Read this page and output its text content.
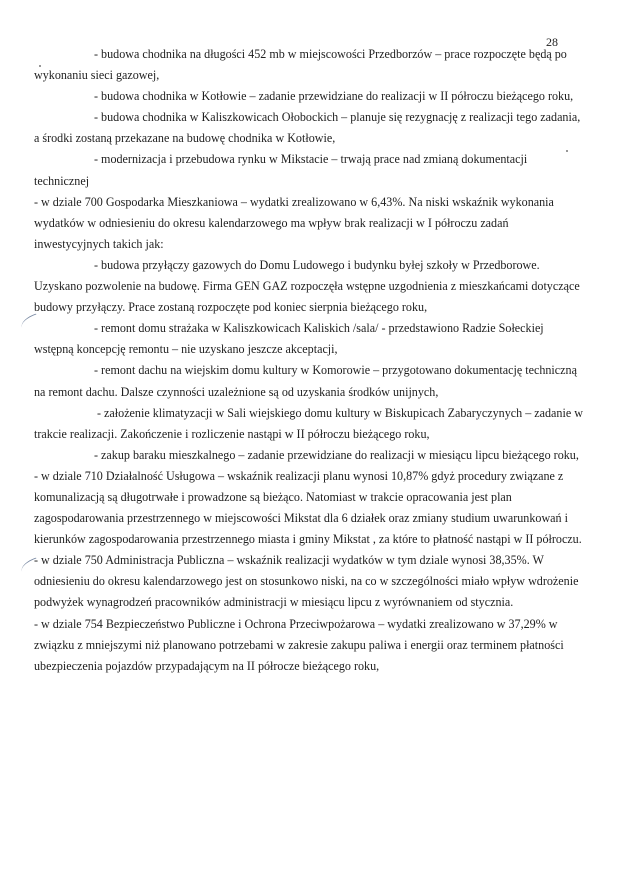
28

- budowa chodnika na długości 452 mb w miejscowości Przedborzów – prace rozpoczęte będą po wykonaniu sieci gazowej,

- budowa chodnika w Kotłowie – zadanie przewidziane do realizacji w II półroczu bieżącego roku,

- budowa chodnika w Kaliszkowicach Ołobockich – planuje się rezygnację z realizacji tego zadania, a środki zostaną przekazane na budowę chodnika w Kotłowie,

- modernizacja i przebudowa rynku w Mikstacie – trwają prace nad zmianą dokumentacji technicznej

- w dziale 700 Gospodarka Mieszkaniowa – wydatki zrealizowano w 6,43%. Na niski wskaźnik wykonania wydatków w odniesieniu do okresu kalendarzowego ma wpływ brak realizacji w I półroczu zadań inwestycyjnych takich jak:

- budowa przyłączy gazowych do Domu Ludowego i budynku byłej szkoły w Przedborowe. Uzyskano pozwolenie na budowę. Firma GEN GAZ rozpoczęła wstępne uzgodnienia z mieszkańcami dotyczące budowy przyłączy. Prace zostaną rozpoczęte pod koniec sierpnia bieżącego roku,

- remont domu strażaka w Kaliszkowicach Kaliskich /sala/ - przedstawiono Radzie Sołeckiej wstępną koncepcję remontu – nie uzyskano jeszcze akceptacji,

- remont dachu na wiejskim domu kultury w Komorowie – przygotowano dokumentację techniczną na remont dachu. Dalsze czynności uzależnione są od uzyskania środków unijnych,

- założenie klimatyzacji w Sali wiejskiego domu kultury w Biskupicach Zabaryczynych – zadanie w trakcie realizacji. Zakończenie i rozliczenie nastąpi w II półroczu bieżącego roku,

- zakup baraku mieszkalnego – zadanie przewidziane do realizacji w miesiącu lipcu bieżącego roku,

- w dziale 710 Działalność Usługowa – wskaźnik realizacji planu wynosi 10,87% gdyż procedury związane z komunalizacją są długotrwałe i prowadzone są bieżąco. Natomiast w trakcie opracowania jest plan zagospodarowania przestrzennego w miejscowości Mikstat dla 6 działek oraz zmiany studium uwarunkowań i kierunków zagospodarowania przestrzennego miasta i gminy Mikstat , za które to płatność nastąpi w II półroczu.

- w dziale 750 Administracja Publiczna – wskaźnik realizacji wydatków w tym dziale wynosi 38,35%. W odniesieniu do okresu kalendarzowego jest on stosunkowo niski, na co w szczególności miało wpływ wdrożenie podwyżek wynagrodzeń pracowników administracji w miesiącu lipcu z wyrównaniem od stycznia.

- w dziale 754 Bezpieczeństwo Publiczne i Ochrona Przeciwpożarowa – wydatki zrealizowano w 37,29% w związku z mniejszymi niż planowano potrzebami w zakresie zakupu paliwa i energii oraz terminem płatności ubezpieczenia pojazdów przypadającym na II półrocze bieżącego roku,
